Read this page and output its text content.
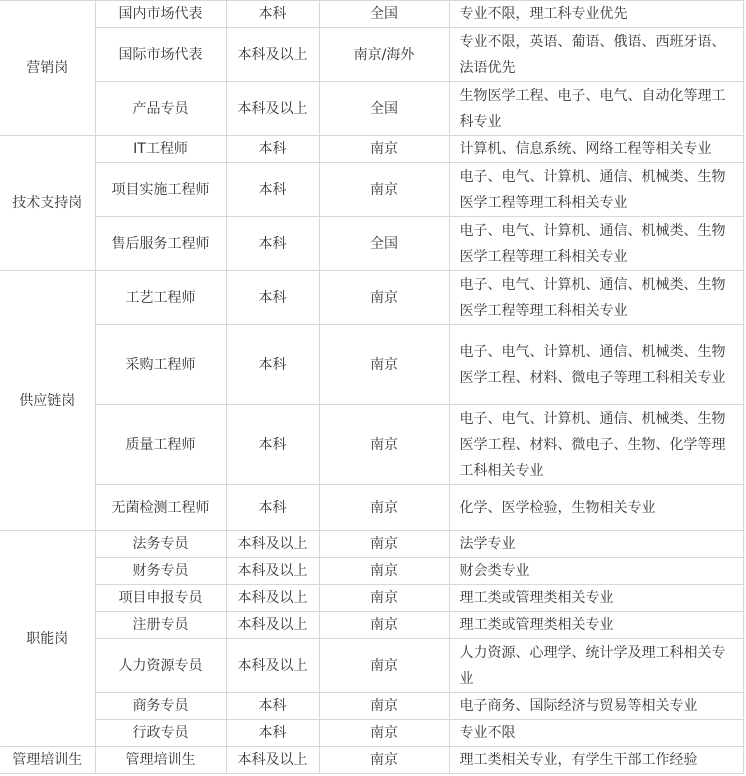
营销岗	国内市场代表	本科	全国	专业不限，理工科专业优先
	国际市场代表	本科及以上	南京/海外	专业不限，英语、葡语、俄语、西班牙语、法语优先
	产品专员	本科及以上	全国	生物医学工程、电子、电气、自动化等理工科专业
技术支持岗	IT工程师	本科	南京	计算机、信息系统、网络工程等相关专业
	项目实施工程师	本科	南京	电子、电气、计算机、通信、机械类、生物医学工程等理工科相关专业
	售后服务工程师	本科	全国	电子、电气、计算机、通信、机械类、生物医学工程等理工科相关专业
供应链岗	工艺工程师	本科	南京	电子、电气、计算机、通信、机械类、生物医学工程等理工科相关专业
	采购工程师	本科	南京	电子、电气、计算机、通信、机械类、生物医学工程、材料、微电子等理工科相关专业
	质量工程师	本科	南京	电子、电气、计算机、通信、机械类、生物医学工程、材料、微电子、生物、化学等理工科相关专业
	无菌检测工程师	本科	南京	化学、医学检验，生物相关专业
职能岗	法务专员	本科及以上	南京	法学专业
	财务专员	本科及以上	南京	财会类专业
	项目申报专员	本科及以上	南京	理工类或管理类相关专业
	注册专员	本科及以上	南京	理工类或管理类相关专业
	人力资源专员	本科及以上	南京	人力资源、心理学、统计学及理工科相关专业
	商务专员	本科	南京	电子商务、国际经济与贸易等相关专业
	行政专员	本科	南京	专业不限
管理培训生	管理培训生	本科及以上	南京	理工类相关专业，有学生干部工作经验
